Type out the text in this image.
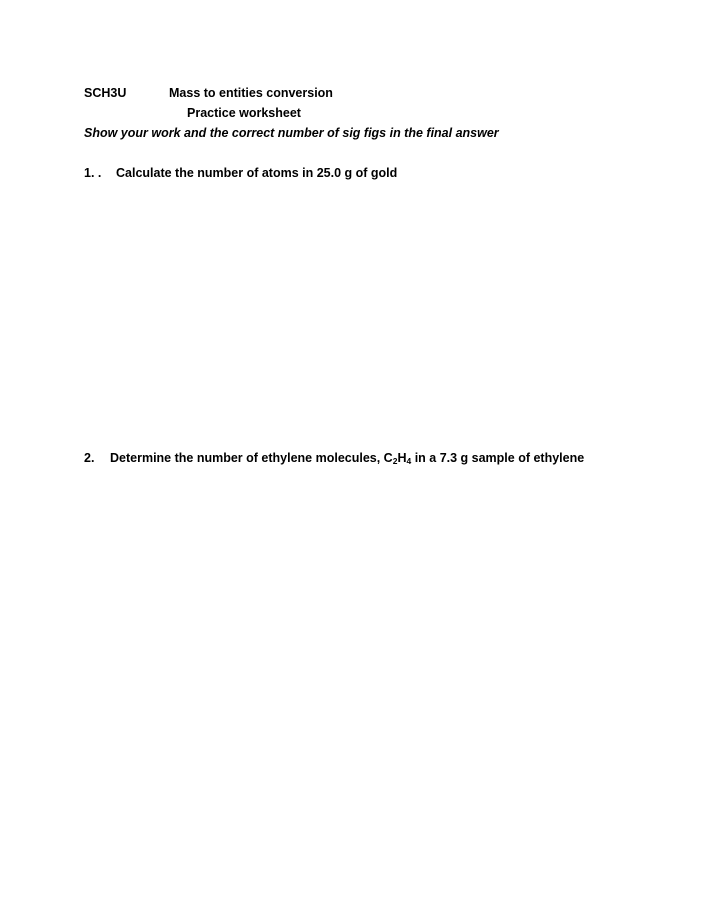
SCH3U	Mass to entities conversion
Practice worksheet
Show your work and the correct number of sig figs in the final answer
1. . Calculate the number of atoms in 25.0 g of gold
2. Determine the number of ethylene molecules, $C_2H_4$ in a 7.3 g sample of ethylene
